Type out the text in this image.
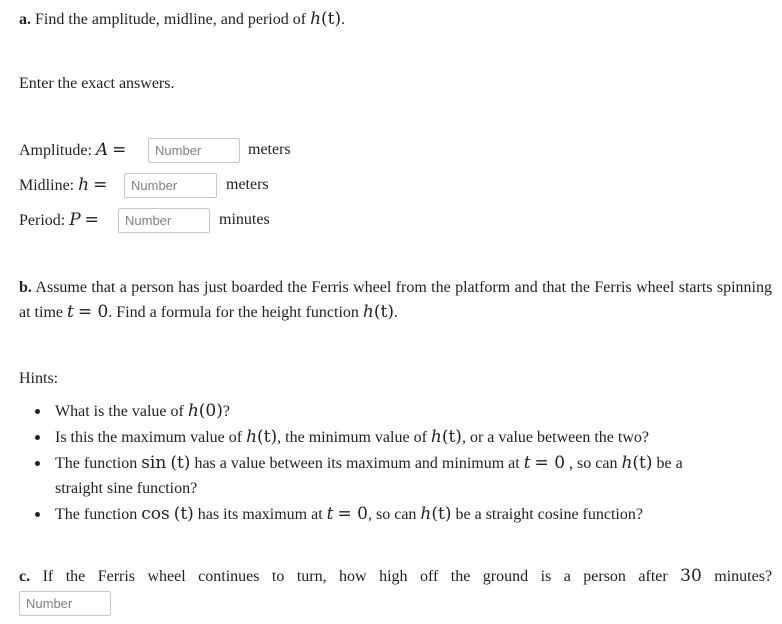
a. Find the amplitude, midline, and period of h(t).
Enter the exact answers.
Amplitude: A =
Number	meters
Midline: h =
Number	meters
Period: P =
Number	minutes
b. Assume that a person has just boarded the Ferris wheel from the platform and that the Ferris wheel starts spinning at time t = 0. Find a formula for the height function h(t).
Hints:
What is the value of h(0)?
Is this the maximum value of h(t), the minimum value of h(t), or a value between the two?
The function sin (t) has a value between its maximum and minimum at t = 0 , so can h(t) be a
straight sine function?
The function cos (t) has its maximum at t = 0, so can h(t) be a straight cosine function?
c. If the Ferris wheel continues to turn, how high off the ground is a person after 30 minutes?
Number
